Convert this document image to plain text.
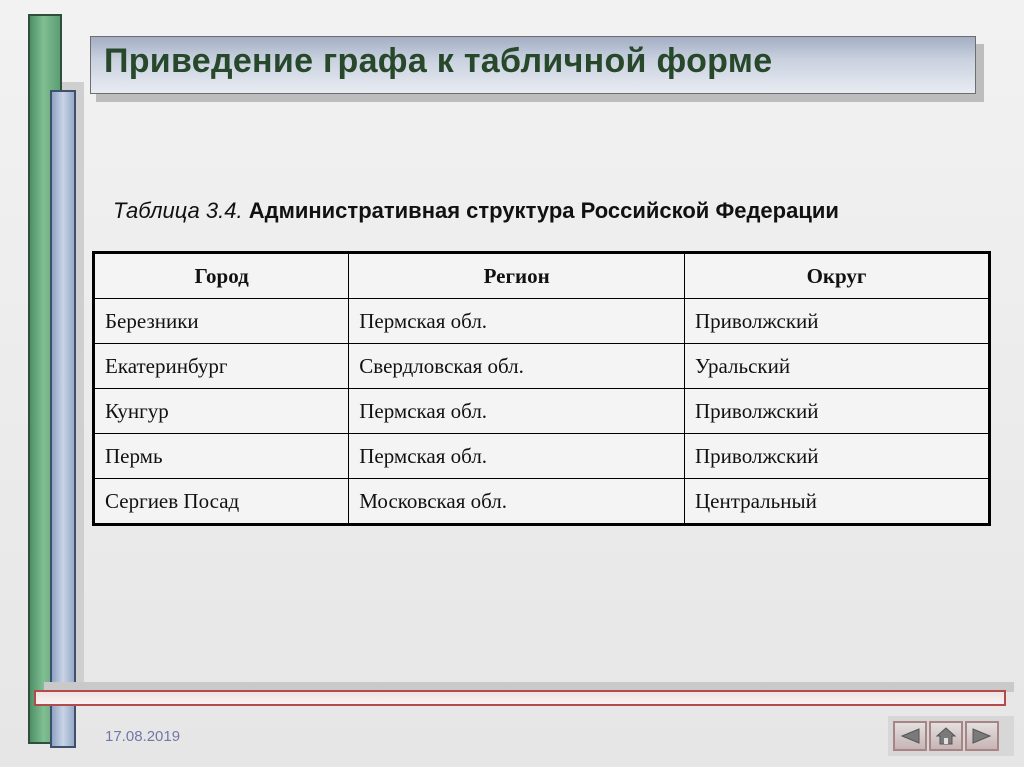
Приведение графа к табличной форме
Таблица 3.4. Административная структура Российской Федерации
Город	Регион	Округ
Березники	Пермская обл.	Приволжский
Екатеринбург	Свердловская обл.	Уральский
Кунгур	Пермская обл.	Приволжский
Пермь	Пермская обл.	Приволжский
Сергиев Посад	Московская обл.	Центральный
17.08.2019
